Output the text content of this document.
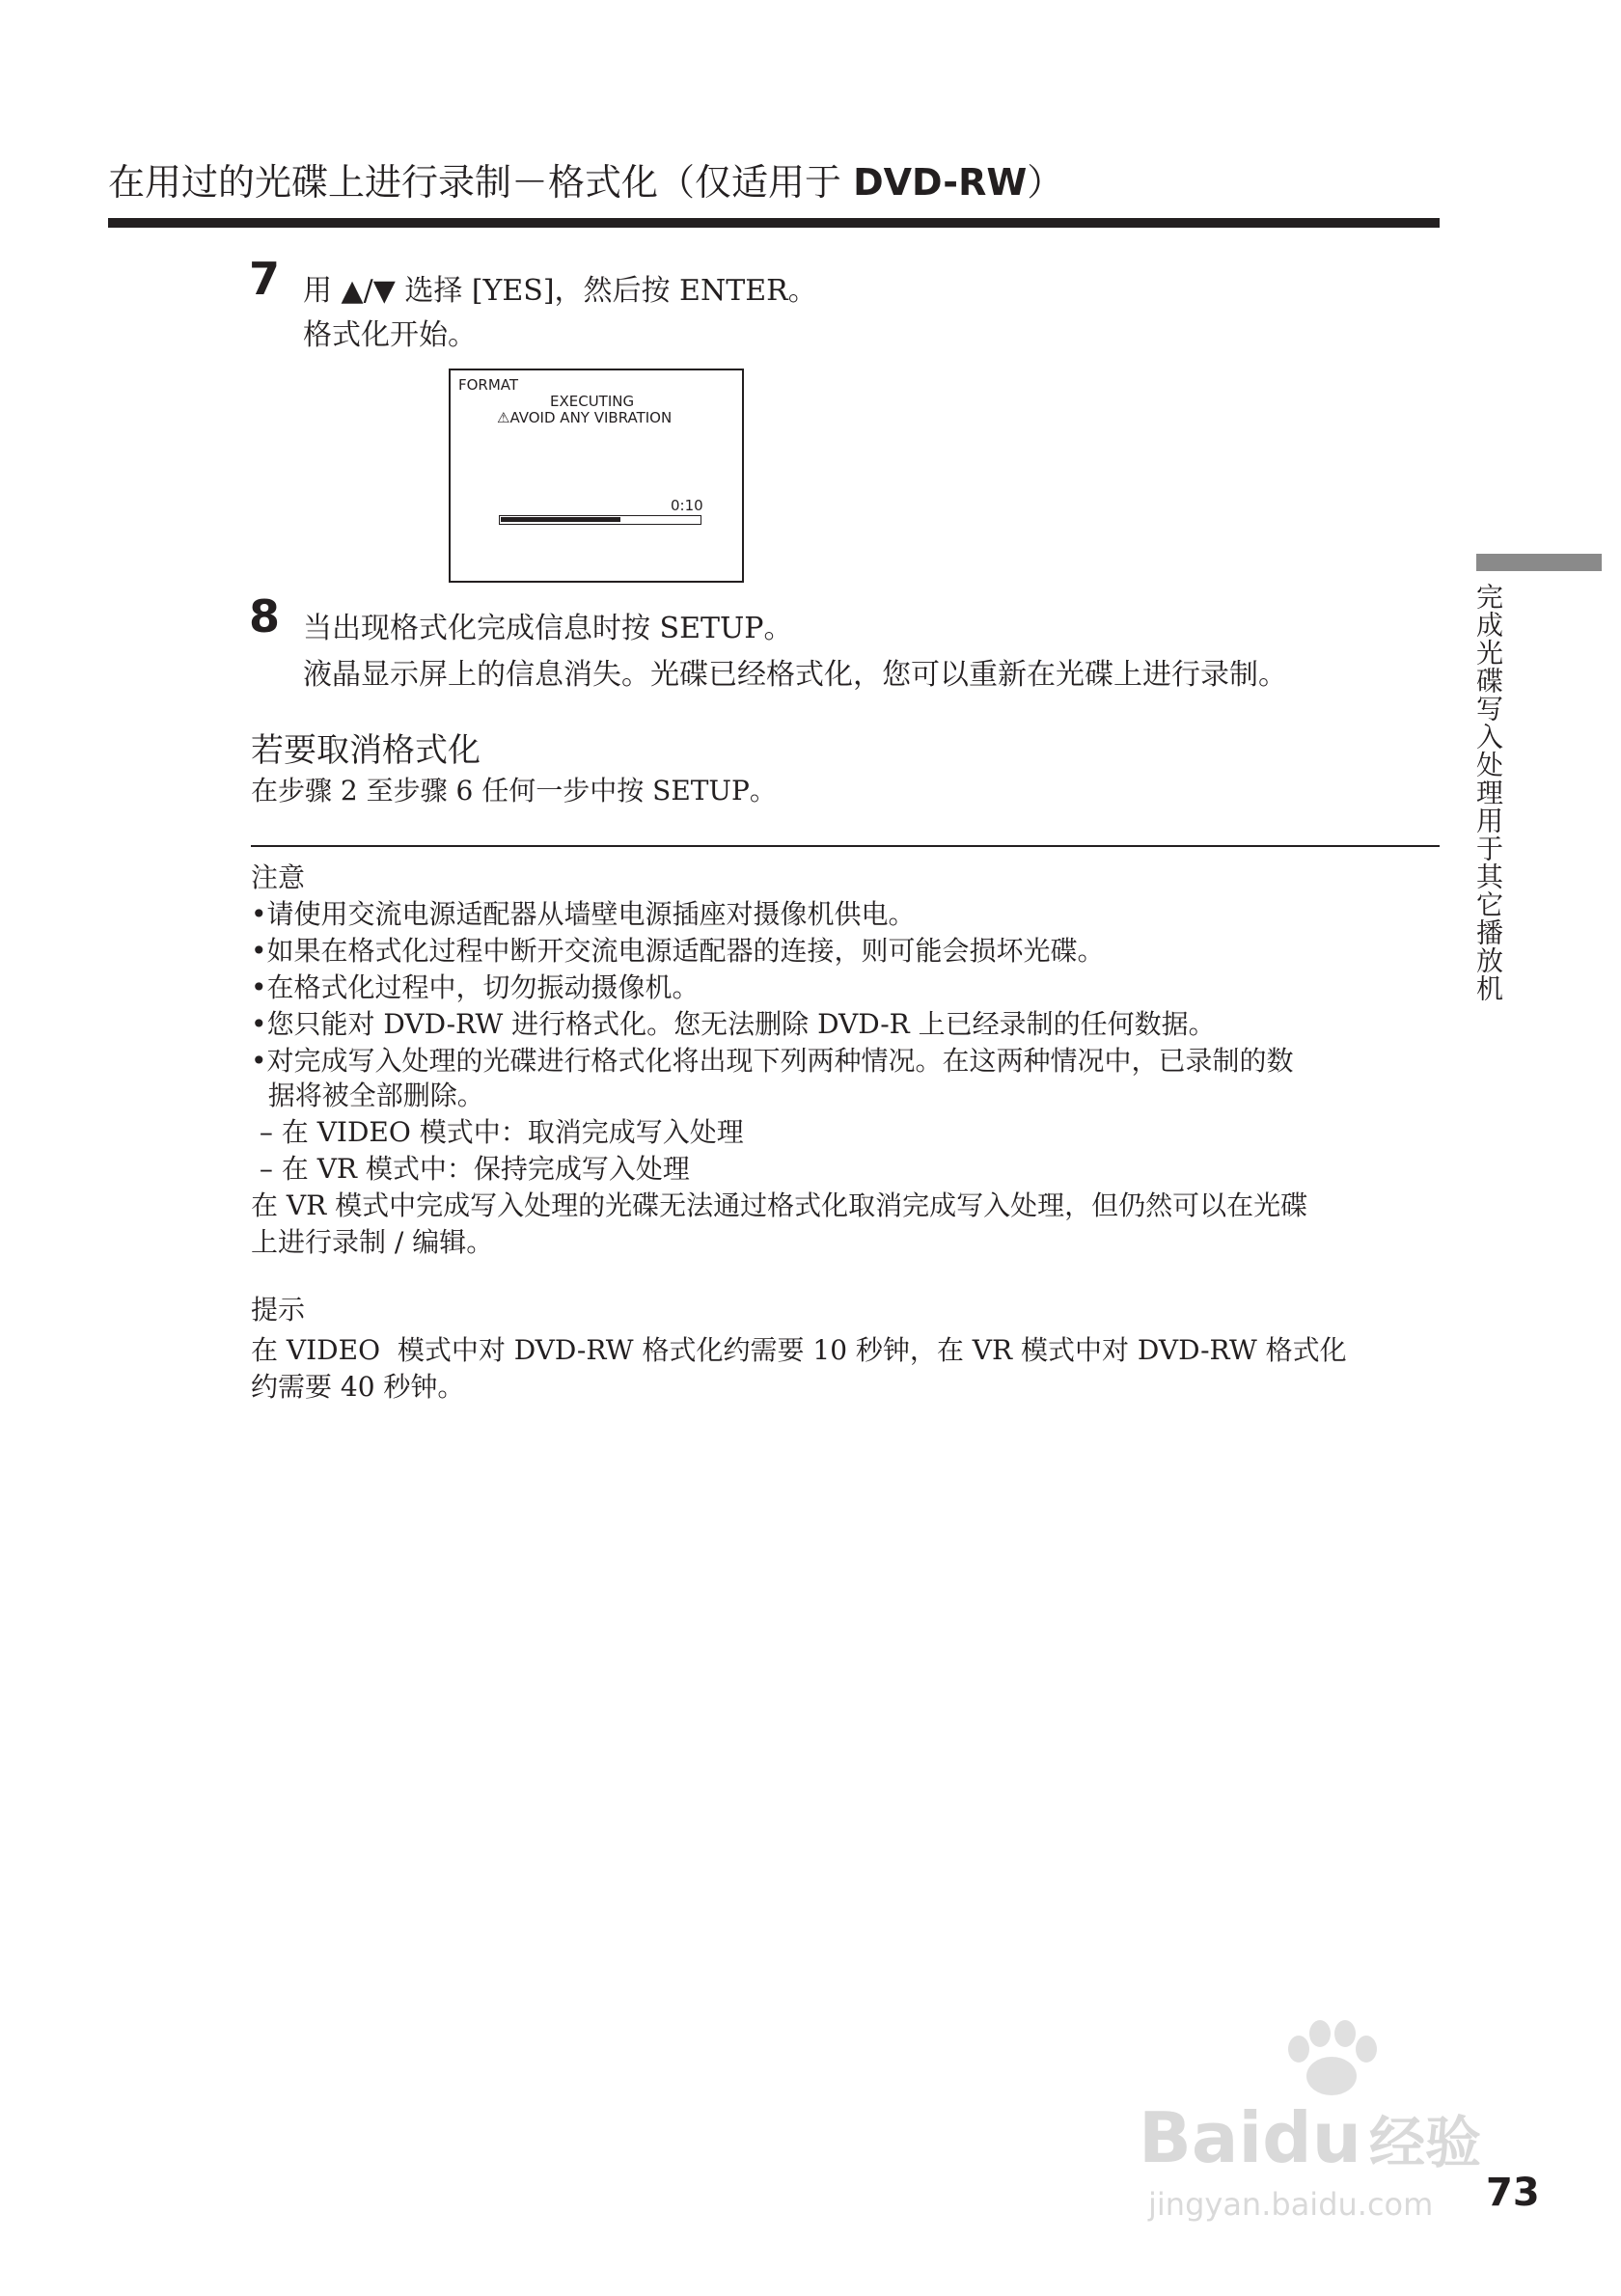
在用过的光碟上进行录制－格式化（仅适用于 DVD-RW）
7 用 ▲/▼ 选择 [YES]，然后按 ENTER。
格式化开始。
FORMAT
EXECUTING
⚠AVOID ANY VIBRATION
0:10
8 当出现格式化完成信息时按 SETUP。
液晶显示屏上的信息消失。光碟已经格式化，您可以重新在光碟上进行录制。
若要取消格式化
在步骤 2 至步骤 6 任何一步中按 SETUP。
注意
•请使用交流电源适配器从墙壁电源插座对摄像机供电。
•如果在格式化过程中断开交流电源适配器的连接，则可能会损坏光碟。
•在格式化过程中，切勿振动摄像机。
•您只能对 DVD-RW 进行格式化。您无法删除 DVD-R 上已经录制的任何数据。
•对完成写入处理的光碟进行格式化将出现下列两种情况。在这两种情况中，已录制的数
据将被全部删除。
– 在 VIDEO 模式中：取消完成写入处理
– 在 VR 模式中：保持完成写入处理
在 VR 模式中完成写入处理的光碟无法通过格式化取消完成写入处理，但仍然可以在光碟
上进行录制 / 编辑。
提示
在 VIDEO  模式中对 DVD-RW 格式化约需要 10 秒钟，在 VR 模式中对 DVD-RW 格式化
约需要 40 秒钟。
完成光碟写入处理用于其它播放机
Baidu 经验
jingyan.baidu.com 73
